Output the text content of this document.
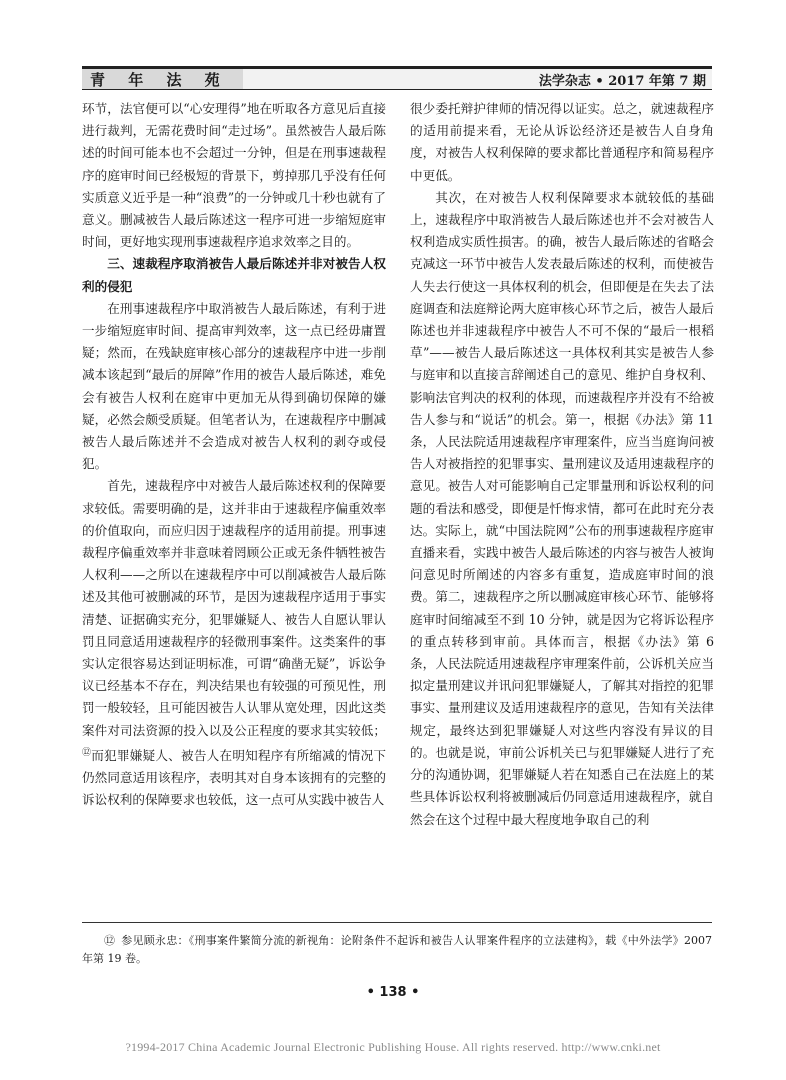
青 年 法 苑	法学杂志 • 2017 年第 7 期

环节，法官便可以“心安理得”地在听取各方意见后直接进行裁判，无需花费时间“走过场”。虽然被告人最后陈述的时间可能本也不会超过一分钟，但是在刑事速裁程序的庭审时间已经极短的背景下，剪掉那几乎没有任何实质意义近乎是一种“浪费”的一分钟或几十秒也就有了意义。删减被告人最后陈述这一程序可进一步缩短庭审时间，更好地实现刑事速裁程序追求效率之目的。

三、速裁程序取消被告人最后陈述并非对被告人权利的侵犯

在刑事速裁程序中取消被告人最后陈述，有利于进一步缩短庭审时间、提高审判效率，这一点已经毋庸置疑；然而，在残缺庭审核心部分的速裁程序中进一步削减本该起到“最后的屏障”作用的被告人最后陈述，难免会有被告人权利在庭审中更加无从得到确切保障的嫌疑，必然会颇受质疑。但笔者认为，在速裁程序中删减被告人最后陈述并不会造成对被告人权利的剥夺或侵犯。

首先，速裁程序中对被告人最后陈述权利的保障要求较低。需要明确的是，这并非由于速裁程序偏重效率的价值取向，而应归因于速裁程序的适用前提。刑事速裁程序偏重效率并非意味着罔顾公正或无条件牺牲被告人权利——之所以在速裁程序中可以削减被告人最后陈述及其他可被删减的环节，是因为速裁程序适用于事实清楚、证据确实充分，犯罪嫌疑人、被告人自愿认罪认罚且同意适用速裁程序的轻微刑事案件。这类案件的事实认定很容易达到证明标准，可谓“确凿无疑”，诉讼争议已经基本不存在，判决结果也有较强的可预见性，刑罚一般较轻，且可能因被告人认罪从宽处理，因此这类案件对司法资源的投入以及公正程度的要求其实较低；⑫而犯罪嫌疑人、被告人在明知程序有所缩减的情况下仍然同意适用该程序，表明其对自身本该拥有的完整的诉讼权利的保障要求也较低，这一点可从实践中被告人

很少委托辩护律师的情况得以证实。总之，就速裁程序的适用前提来看，无论从诉讼经济还是被告人自身角度，对被告人权利保障的要求都比普通程序和简易程序中更低。

其次，在对被告人权利保障要求本就较低的基础上，速裁程序中取消被告人最后陈述也并不会对被告人权利造成实质性损害。的确，被告人最后陈述的省略会克减这一环节中被告人发表最后陈述的权利，而使被告人失去行使这一具体权利的机会，但即便是在失去了法庭调查和法庭辩论两大庭审核心环节之后，被告人最后陈述也并非速裁程序中被告人不可不保的“最后一根稻草”——被告人最后陈述这一具体权利其实是被告人参与庭审和以直接言辞阐述自己的意见、维护自身权利、影响法官判决的权利的体现，而速裁程序并没有不给被告人参与和“说话”的机会。第一，根据《办法》第 11 条，人民法院适用速裁程序审理案件，应当当庭询问被告人对被指控的犯罪事实、量刑建议及适用速裁程序的意见。被告人对可能影响自己定罪量刑和诉讼权利的问题的看法和感受，即便是忏悔求情，都可在此时充分表达。实际上，就“中国法院网”公布的刑事速裁程序庭审直播来看，实践中被告人最后陈述的内容与被告人被询问意见时所阐述的内容多有重复，造成庭审时间的浪费。第二，速裁程序之所以删减庭审核心环节、能够将庭审时间缩减至不到 10 分钟，就是因为它将诉讼程序的重点转移到审前。具体而言，根据《办法》第 6 条，人民法院适用速裁程序审理案件前，公诉机关应当拟定量刑建议并讯问犯罪嫌疑人，了解其对指控的犯罪事实、量刑建议及适用速裁程序的意见，告知有关法律规定，最终达到犯罪嫌疑人对这些内容没有异议的目的。也就是说，审前公诉机关已与犯罪嫌疑人进行了充分的沟通协调，犯罪嫌疑人若在知悉自己在法庭上的某些具体诉讼权利将被删减后仍同意适用速裁程序，就自然会在这个过程中最大程度地争取自己的利

⑫ 参见顾永忠：《刑事案件繁简分流的新视角：论附条件不起诉和被告人认罪案件程序的立法建构》，载《中外法学》2007 年第 19 卷。
• 138 •
?1994-2017 China Academic Journal Electronic Publishing House. All rights reserved. http://www.cnki.net
